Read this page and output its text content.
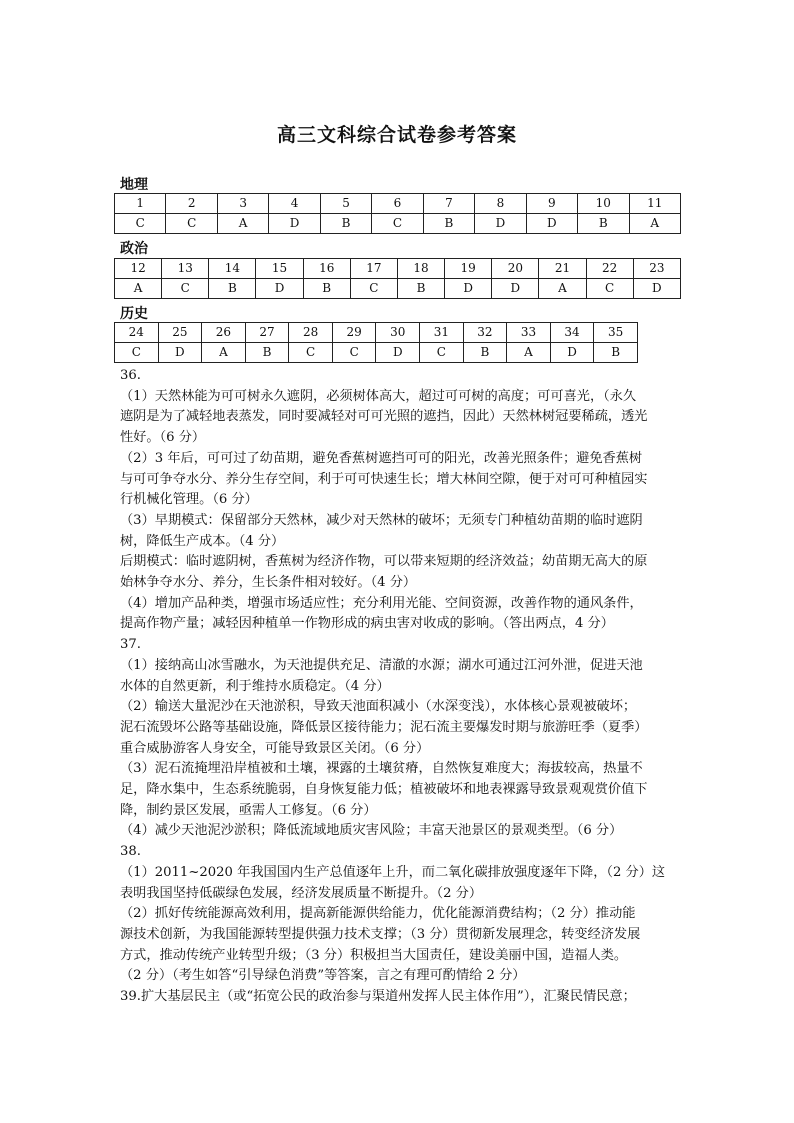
高三文科综合试卷参考答案
地理
1	2	3	4	5	6	7	8	9	10	11
C	C	A	D	B	C	B	D	D	B	A
政治
12	13	14	15	16	17	18	19	20	21	22	23
A	C	B	D	B	C	B	D	D	A	C	D
历史
24	25	26	27	28	29	30	31	32	33	34	35
C	D	A	B	C	C	D	C	B	A	D	B

36.

（1）天然林能为可可树永久遮阴，必须树体高大，超过可可树的高度；可可喜光，（永久

遮阴是为了减轻地表蒸发，同时要减轻对可可光照的遮挡，因此）天然林树冠要稀疏，透光

性好。（6 分）

（2）3 年后，可可过了幼苗期，避免香蕉树遮挡可可的阳光，改善光照条件；避免香蕉树

与可可争夺水分、养分生存空间，利于可可快速生长；增大林间空隙，便于对可可种植园实

行机械化管理。（6 分）

（3）早期模式：保留部分天然林，减少对天然林的破坏；无须专门种植幼苗期的临时遮阴

树，降低生产成本。（4 分）

后期模式：临时遮阴树，香蕉树为经济作物，可以带来短期的经济效益；幼苗期无高大的原

始林争夺水分、养分，生长条件相对较好。（4 分）

（4）增加产品种类，增强市场适应性；充分利用光能、空间资源，改善作物的通风条件，

提高作物产量；减轻因种植单一作物形成的病虫害对收成的影响。（答出两点，4 分）

37.

（1）接纳高山冰雪融水，为天池提供充足、清澈的水源；湖水可通过江河外泄，促进天池

水体的自然更新，利于维持水质稳定。（4 分）

（2）输送大量泥沙在天池淤积，导致天池面积减小（水深变浅），水体核心景观被破坏；

泥石流毁坏公路等基础设施，降低景区接待能力；泥石流主要爆发时期与旅游旺季（夏季）

重合威胁游客人身安全，可能导致景区关闭。（6 分）

（3）泥石流掩埋沿岸植被和土壤，裸露的土壤贫瘠，自然恢复难度大；海拔较高，热量不

足，降水集中，生态系统脆弱，自身恢复能力低；植被破坏和地表裸露导致景观观赏价值下

降，制约景区发展，亟需人工修复。（6 分）

（4）减少天池泥沙淤积；降低流域地质灾害风险；丰富天池景区的景观类型。（6 分）

38.

（1）2011~2020 年我国国内生产总值逐年上升，而二氧化碳排放强度逐年下降，（2 分）这

表明我国坚持低碳绿色发展，经济发展质量不断提升。（2 分）

（2）抓好传统能源高效利用，提高新能源供给能力，优化能源消费结构；（2 分）推动能

源技术创新，为我国能源转型提供强力技术支撑；（3 分）贯彻新发展理念，转变经济发展

方式，推动传统产业转型升级；（3 分）积极担当大国责任，建设美丽中国，造福人类。

（2 分）（考生如答“引导绿色消费”等答案，言之有理可酌情给 2 分）

39.扩大基层民主（或“拓宽公民的政治参与渠道州发挥人民主体作用”），汇聚民情民意；
